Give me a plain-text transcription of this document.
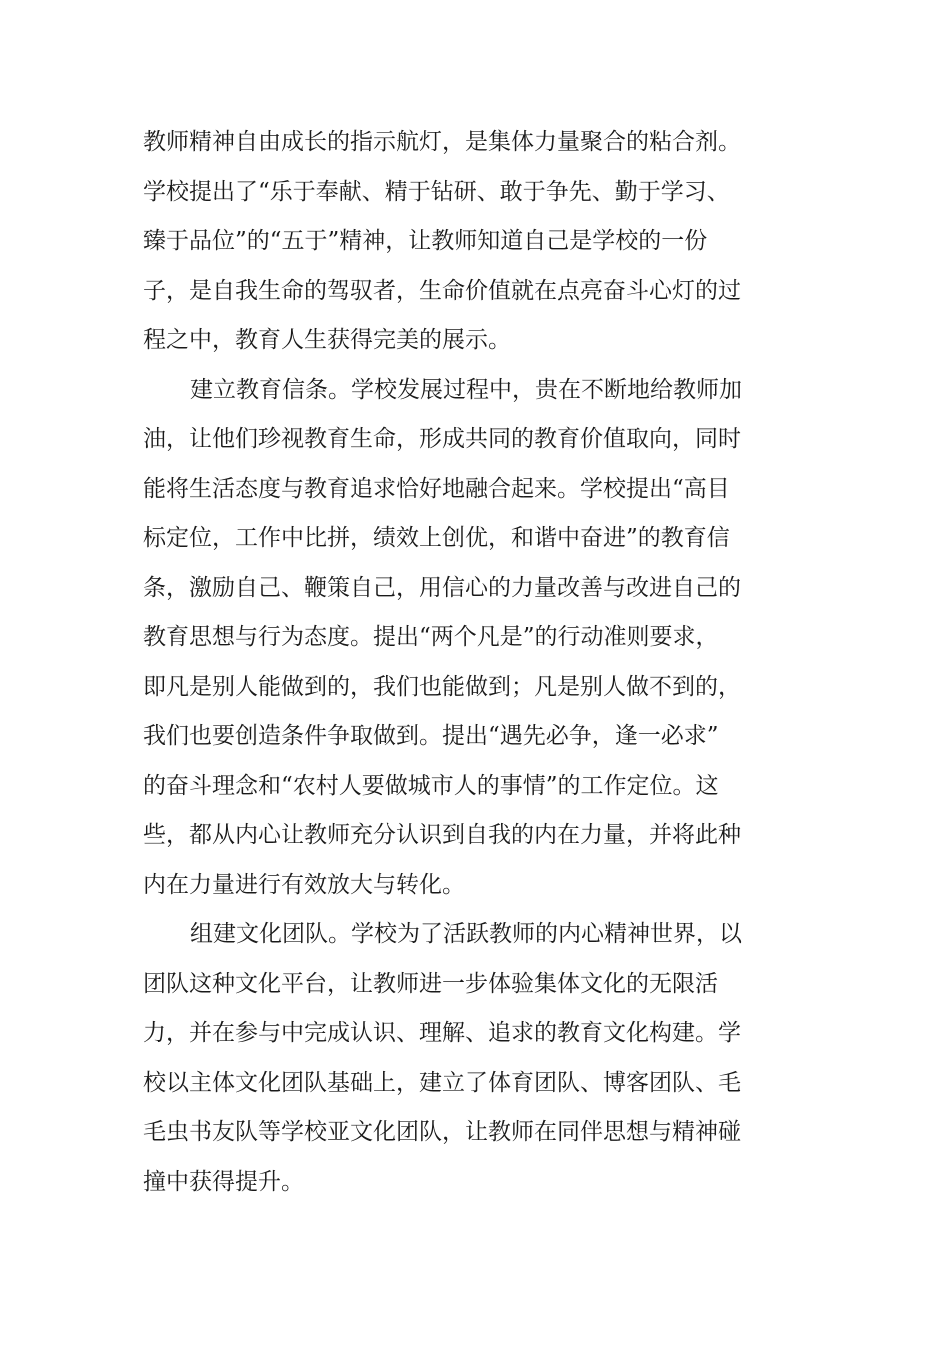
教师精神自由成长的指示航灯，是集体力量聚合的粘合剂。
学校提出了“乐于奉献、精于钻研、敢于争先、勤于学习、
臻于品位”的“五于”精神，让教师知道自己是学校的一份
子，是自我生命的驾驭者，生命价值就在点亮奋斗心灯的过
程之中，教育人生获得完美的展示。
建立教育信条。学校发展过程中，贵在不断地给教师加
油，让他们珍视教育生命，形成共同的教育价值取向，同时
能将生活态度与教育追求恰好地融合起来。学校提出“高目
标定位，工作中比拼，绩效上创优，和谐中奋进”的教育信
条，激励自己、鞭策自己，用信心的力量改善与改进自己的
教育思想与行为态度。提出“两个凡是”的行动准则要求，
即凡是别人能做到的，我们也能做到；凡是别人做不到的，
我们也要创造条件争取做到。提出“遇先必争，逢一必求”
的奋斗理念和“农村人要做城市人的事情”的工作定位。这
些，都从内心让教师充分认识到自我的内在力量，并将此种
内在力量进行有效放大与转化。
组建文化团队。学校为了活跃教师的内心精神世界，以
团队这种文化平台，让教师进一步体验集体文化的无限活
力，并在参与中完成认识、理解、追求的教育文化构建。学
校以主体文化团队基础上，建立了体育团队、博客团队、毛
毛虫书友队等学校亚文化团队，让教师在同伴思想与精神碰
撞中获得提升。
